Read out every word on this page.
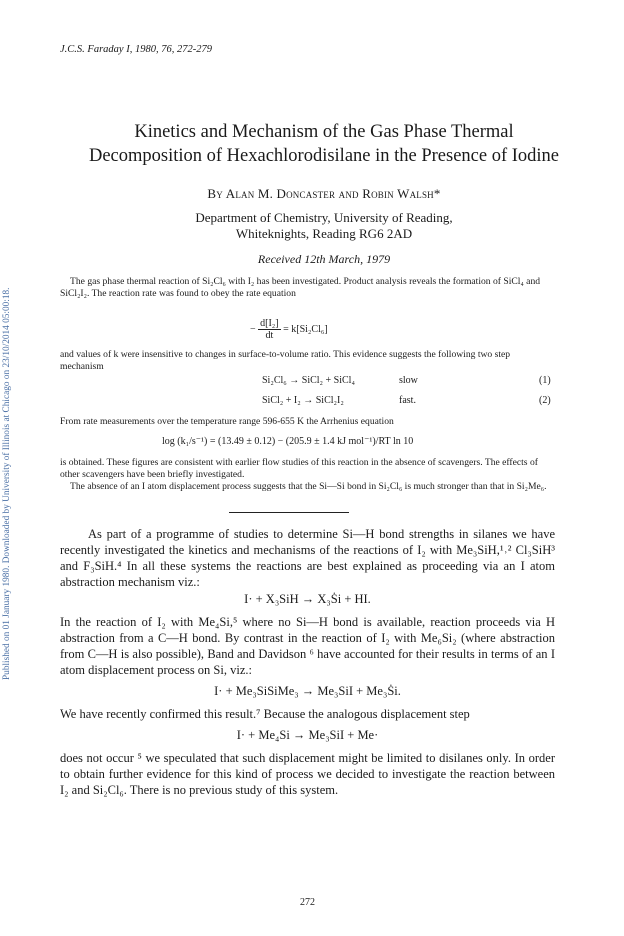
Published on 01 January 1980. Downloaded by University of Illinois at Chicago on 23/10/2014 05:00:18.
J.C.S. Faraday I, 1980, 76, 272-279
Kinetics and Mechanism of the Gas Phase Thermal
Decomposition of Hexachlorodisilane in the Presence of Iodine
By Alan M. Doncaster and Robin Walsh*
Department of Chemistry, University of Reading,
Whiteknights, Reading RG6 2AD
Received 12th March, 1979

The gas phase thermal reaction of Si₂Cl₆ with I₂ has been investigated. Product analysis reveals the formation of SiCl₄ and SiCl₂I₂. The reaction rate was found to obey the rate equation

− $\frac{\text{d[I₂]}}{dt} = k[Si_2Cl_6]$

and values of k were insensitive to changes in surface-to-volume ratio. This evidence suggests the following two step mechanism

Si₂Cl₆ → SiCl₂ + SiCl₄	slow	(1)
SiCl₂ + I₂ → SiCl₂I₂	fast.	(2)

From rate measurements over the temperature range 596-655 K the Arrhenius equation

log (k₁/s⁻¹) = (13.49 ± 0.12) − (205.9 ± 1.4 kJ mol⁻¹)/RT ln 10

is obtained. These figures are consistent with earlier flow studies of this reaction in the absence of scavengers. The effects of other scavengers have been briefly investigated.

The absence of an I atom displacement process suggests that the Si—Si bond in Si₂Cl₆ is much stronger than that in Si₂Me₆.

As part of a programme of studies to determine Si—H bond strengths in silanes we have recently investigated the kinetics and mechanisms of the reactions of I₂ with Me₃SiH,¹˒² Cl₃SiH³ and F₃SiH.⁴ In all these systems the reactions are best explained as proceeding via an I atom abstraction mechanism viz.:

I· + X₃SiH → X₃Ṡi + HI.

In the reaction of I₂ with Me₄Si,⁵ where no Si—H bond is available, reaction proceeds via H abstraction from a C—H bond. By contrast in the reaction of I₂ with Me₆Si₂ (where abstraction from C—H is also possible), Band and Davidson ⁶ have accounted for their results in terms of an I atom displacement process on Si, viz.:

I· + Me₃SiSiMe₃ → Me₃SiI + Me₃Ṡi.

We have recently confirmed this result.⁷ Because the analogous displacement step

I· + Me₄Si → Me₃SiI + Me·

does not occur ⁵ we speculated that such displacement might be limited to disilanes only. In order to obtain further evidence for this kind of process we decided to investigate the reaction between I₂ and Si₂Cl₆. There is no previous study of this system.

272
